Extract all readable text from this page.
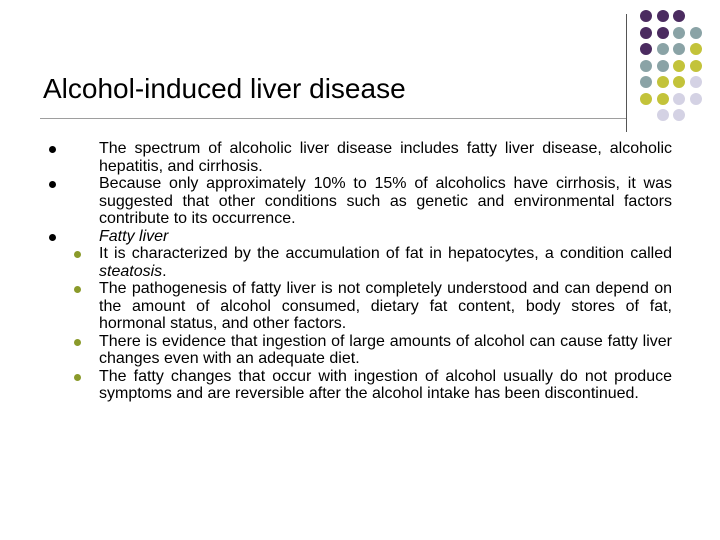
Alcohol-induced liver disease
The spectrum of alcoholic liver disease includes fatty liver disease, alcoholic hepatitis, and cirrhosis.
Because only approximately 10% to 15% of alcoholics have cirrhosis, it was suggested that other conditions such as genetic and environmental factors contribute to its occurrence.
Fatty liver
It is characterized by the accumulation of fat in hepatocytes, a condition called steatosis.
The pathogenesis of fatty liver is not completely understood and can depend on the amount of alcohol consumed, dietary fat content, body stores of fat, hormonal status, and other factors.
There is evidence that ingestion of large amounts of alcohol can cause fatty liver changes even with an adequate diet.
The fatty changes that occur with ingestion of alcohol usually do not produce symptoms and are reversible after the alcohol intake has been discontinued.
